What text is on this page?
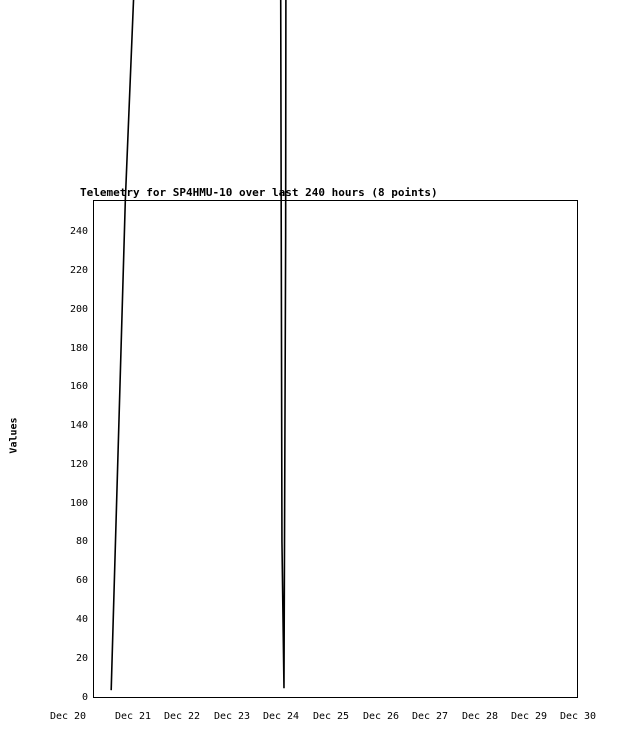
Telemetry for SP4HMU-10 over last 240 hours (8 points)
Values
0
20
40
60
80
100
120
140
160
180
200
220
240
Dec 20	Dec 21	Dec 22	Dec 23	Dec 24	Dec 25	Dec 26	Dec 27	Dec 28	Dec 29	Dec 30
